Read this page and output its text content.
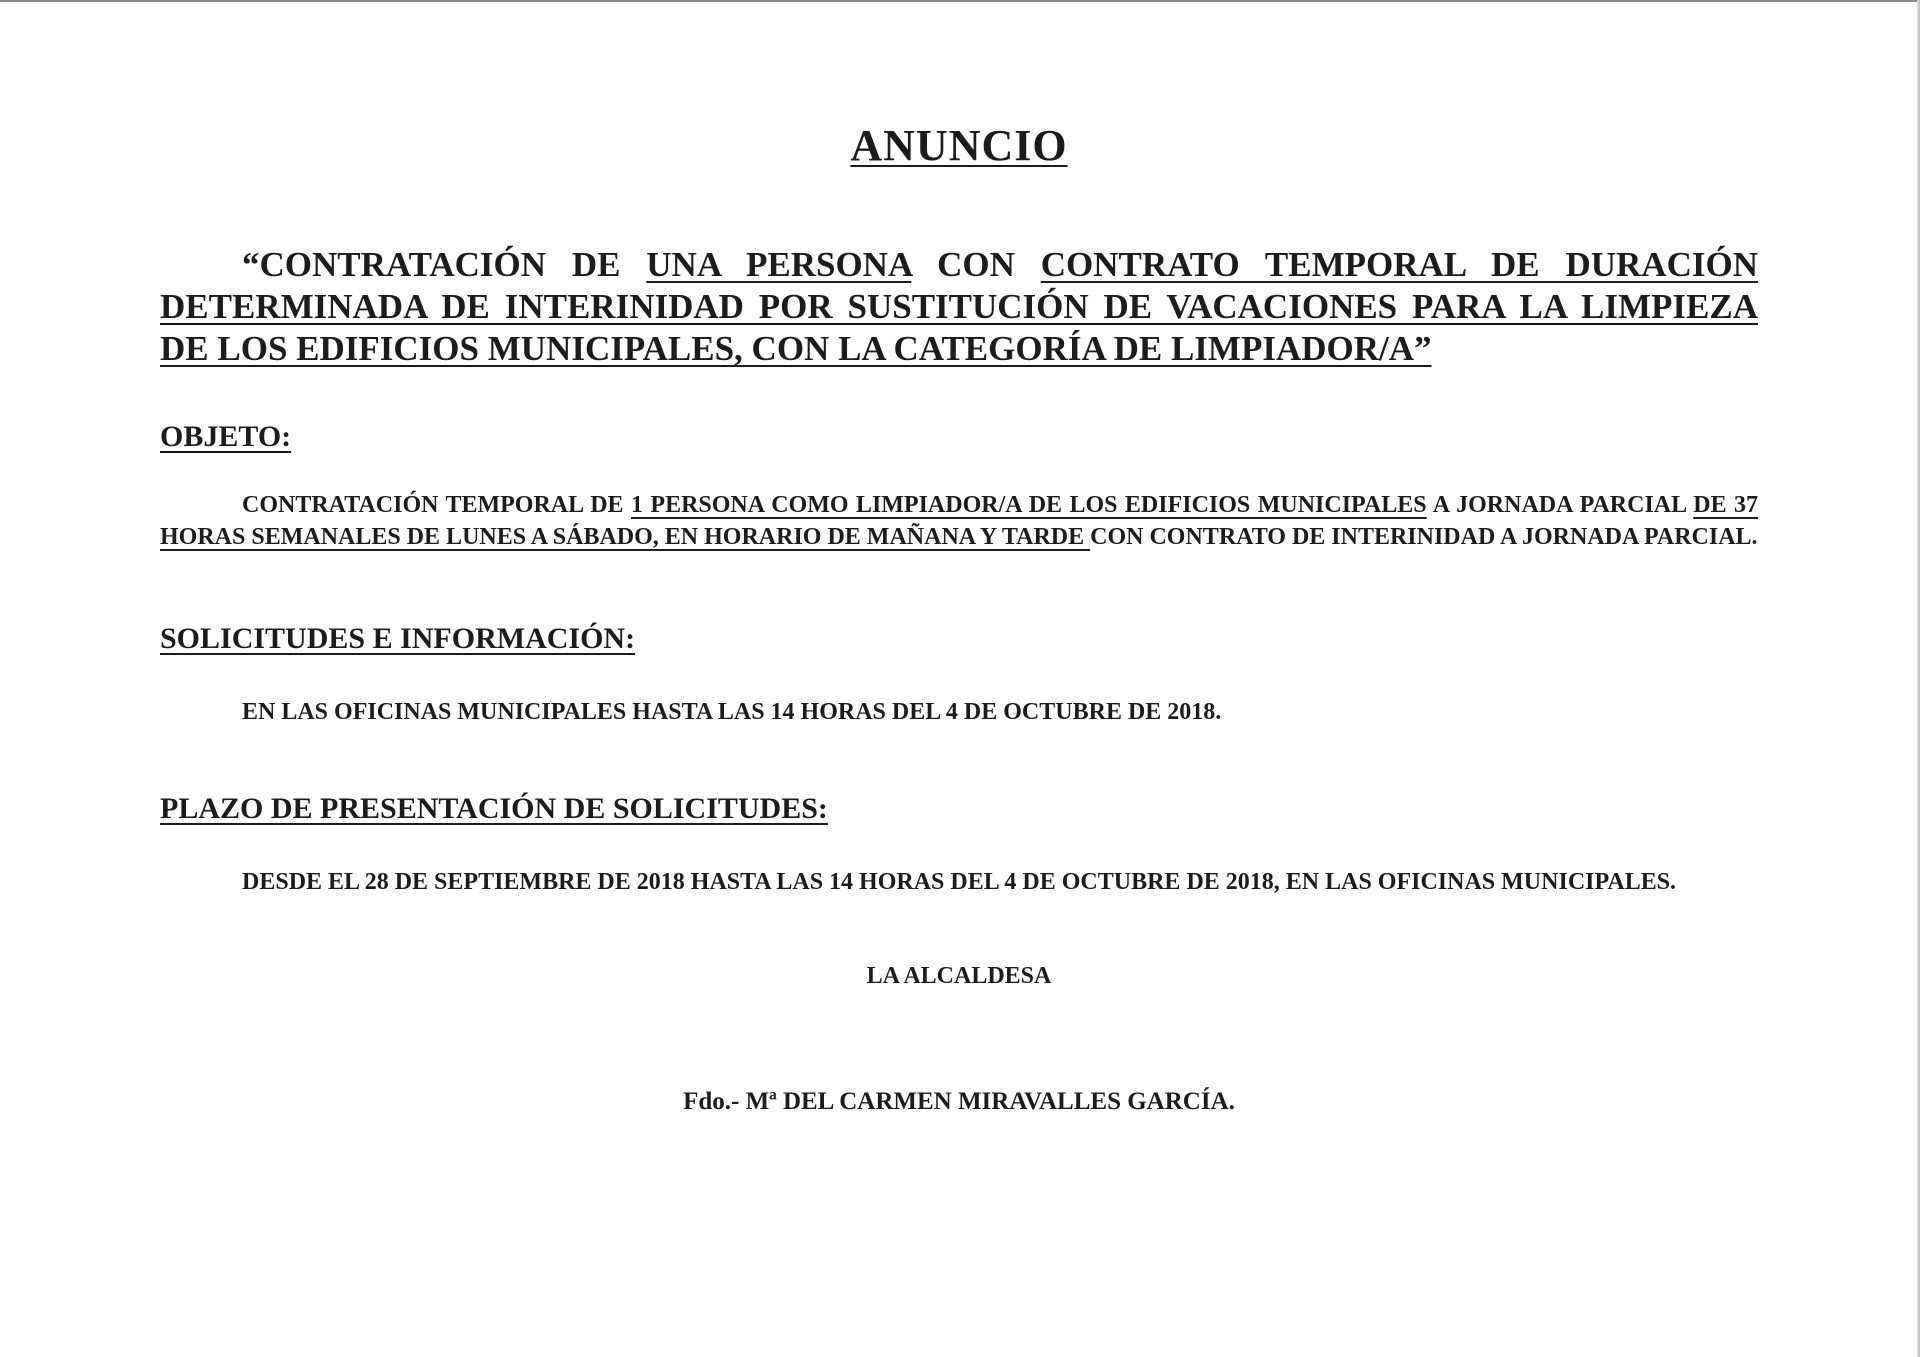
ANUNCIO
“CONTRATACIÓN DE UNA PERSONA CON CONTRATO TEMPORAL DE DURACIÓN DETERMINADA DE INTERINIDAD POR SUSTITUCIÓN DE VACACIONES PARA LA LIMPIEZA DE LOS EDIFICIOS MUNICIPALES, CON LA CATEGORÍA DE LIMPIADOR/A”
OBJETO:
CONTRATACIÓN TEMPORAL DE 1 PERSONA COMO LIMPIADOR/A DE LOS EDIFICIOS MUNICIPALES A JORNADA PARCIAL DE 37 HORAS SEMANALES DE LUNES A SÁBADO, EN HORARIO DE MAÑANA Y TARDE CON CONTRATO DE INTERINIDAD A JORNADA PARCIAL.
SOLICITUDES E INFORMACIÓN:
EN LAS OFICINAS MUNICIPALES HASTA LAS 14 HORAS DEL 4 DE OCTUBRE DE 2018.
PLAZO DE PRESENTACIÓN DE SOLICITUDES:
DESDE EL 28 DE SEPTIEMBRE DE 2018 HASTA LAS 14 HORAS DEL 4 DE OCTUBRE DE 2018, EN LAS OFICINAS MUNICIPALES.
LA ALCALDESA
Fdo.- Mª DEL CARMEN MIRAVALLES GARCÍA.
